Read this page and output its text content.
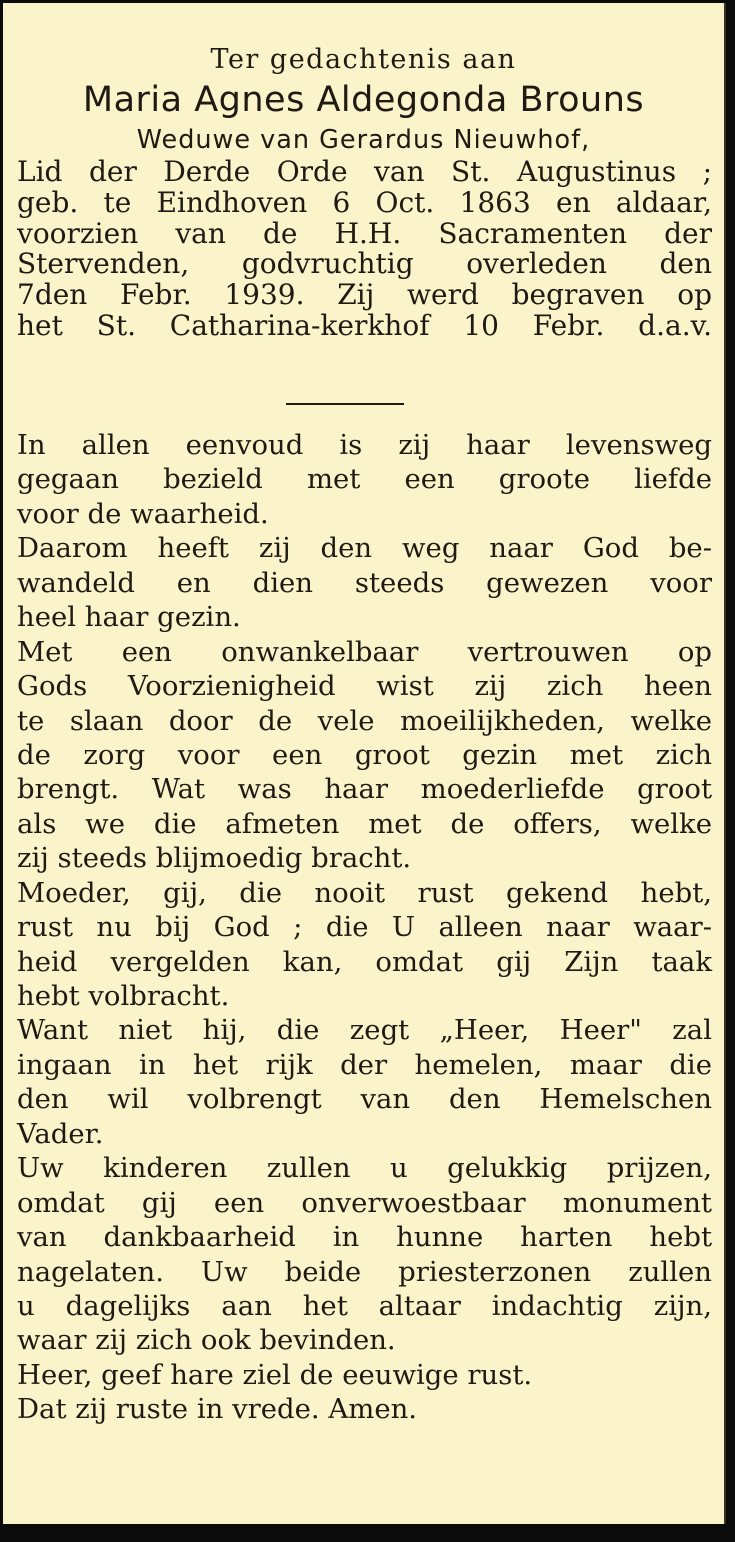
Ter gedachtenis aan
Maria Agnes Aldegonda Brouns
Weduwe van Gerardus Nieuwhof,
Lid der Derde Orde van St. Augustinus ;
geb. te Eindhoven 6 Oct. 1863 en aldaar,
voorzien van de H.H. Sacramenten der
Stervenden, godvruchtig overleden den
7den Febr. 1939. Zij werd begraven op
het St. Catharina-kerkhof 10 Febr. d.a.v.
In allen eenvoud is zij haar levensweg
gegaan bezield met een groote liefde
voor de waarheid.
Daarom heeft zij den weg naar God be-
wandeld en dien steeds gewezen voor
heel haar gezin.
Met een onwankelbaar vertrouwen op
Gods Voorzienigheid wist zij zich heen
te slaan door de vele moeilijkheden, welke
de zorg voor een groot gezin met zich
brengt. Wat was haar moederliefde groot
als we die afmeten met de offers, welke
zij steeds blijmoedig bracht.
Moeder, gij, die nooit rust gekend hebt,
rust nu bij God ; die U alleen naar waar-
heid vergelden kan, omdat gij Zijn taak
hebt volbracht.
Want niet hij, die zegt „Heer, Heer" zal
ingaan in het rijk der hemelen, maar die
den wil volbrengt van den Hemelschen
Vader.
Uw kinderen zullen u gelukkig prijzen,
omdat gij een onverwoestbaar monument
van dankbaarheid in hunne harten hebt
nagelaten. Uw beide priesterzonen zullen
u dagelijks aan het altaar indachtig zijn,
waar zij zich ook bevinden.
Heer, geef hare ziel de eeuwige rust.
Dat zij ruste in vrede. Amen.
